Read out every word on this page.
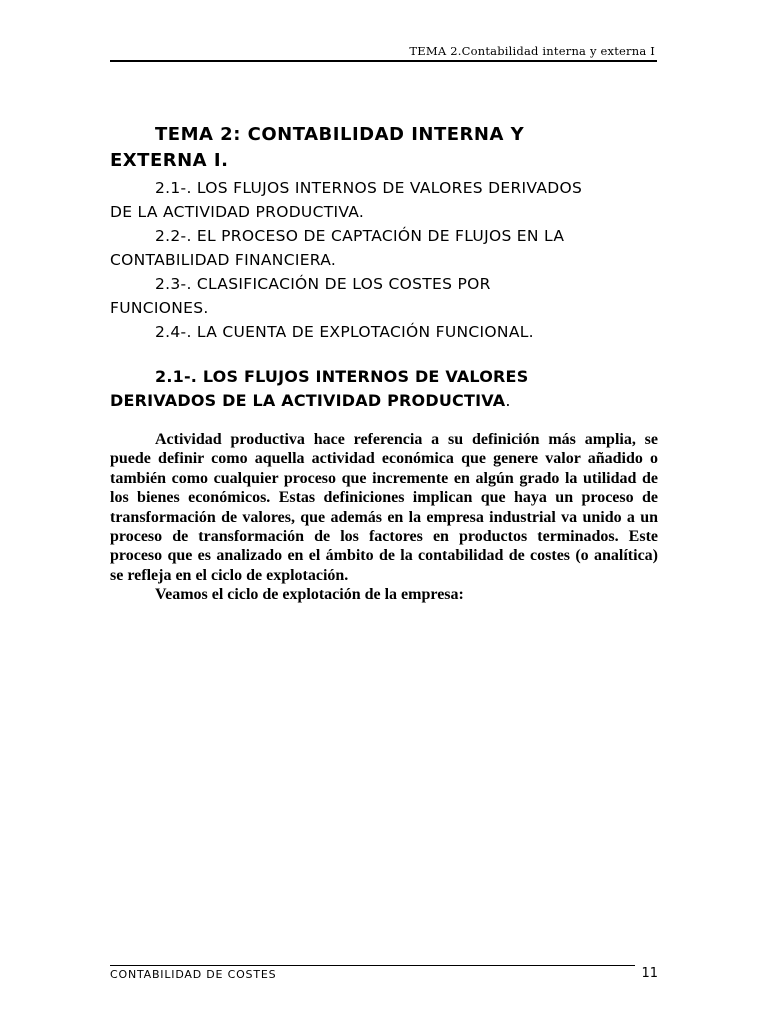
TEMA 2.Contabilidad interna y externa I
TEMA 2: CONTABILIDAD INTERNA Y
EXTERNA I.
2.1-. LOS FLUJOS INTERNOS DE VALORES DERIVADOS
DE LA ACTIVIDAD PRODUCTIVA.
2.2-. EL PROCESO DE CAPTACIÓN DE FLUJOS EN LA
CONTABILIDAD FINANCIERA.
2.3-. CLASIFICACIÓN DE LOS COSTES POR
FUNCIONES.
2.4-. LA CUENTA DE EXPLOTACIÓN FUNCIONAL.
2.1-. LOS FLUJOS INTERNOS DE VALORES
DERIVADOS DE LA ACTIVIDAD PRODUCTIVA.

Actividad productiva hace referencia a su definición más amplia, se puede definir como aquella actividad económica que genere valor añadido o también como cualquier proceso que incremente en algún grado la utilidad de los bienes económicos. Estas definiciones implican que haya un proceso de transformación de valores, que además en la empresa industrial va unido a un proceso de transformación de los factores en productos terminados. Este proceso que es analizado en el ámbito de la contabilidad de costes (o analítica) se refleja en el ciclo de explotación.

Veamos el ciclo de explotación de la empresa:

CONTABILIDAD DE COSTES	11
